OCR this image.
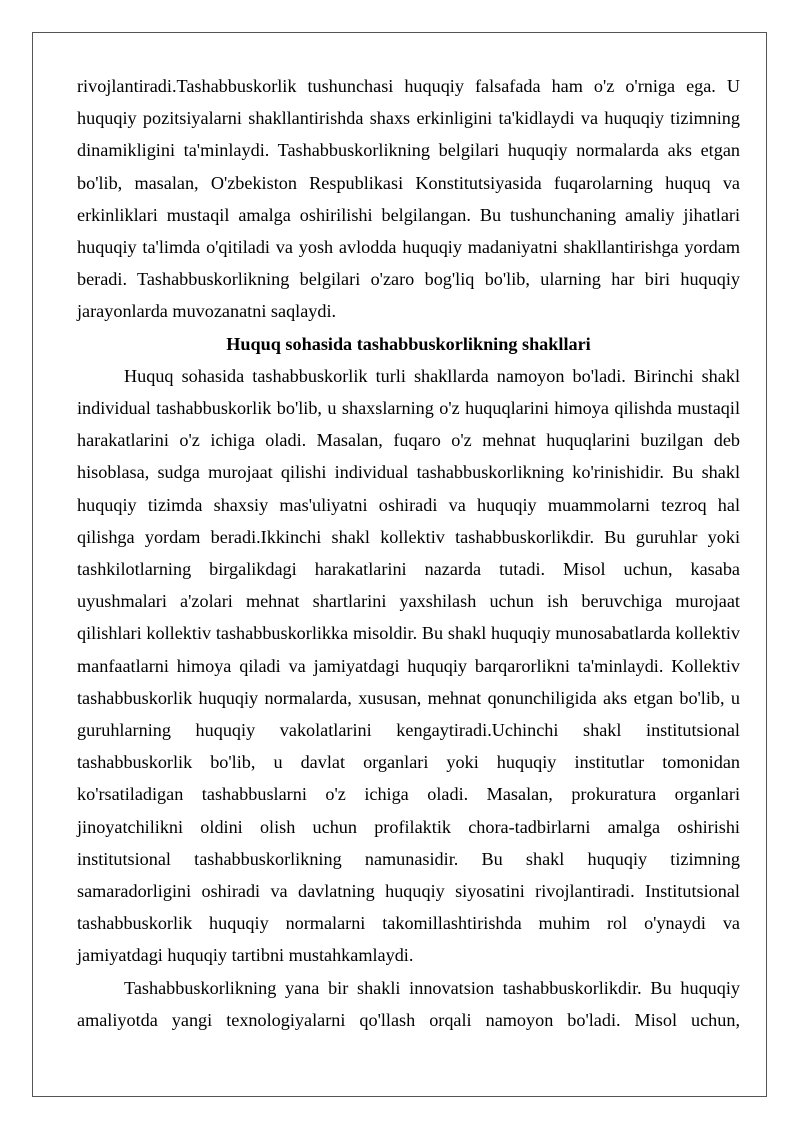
rivojlantiradi.Tashabbuskorlik tushunchasi huquqiy falsafada ham o'z o'rniga ega. U huquqiy pozitsiyalarni shakllantirishda shaxs erkinligini ta'kidlaydi va huquqiy tizimning dinamikligini ta'minlaydi. Tashabbuskorlikning belgilari huquqiy normalarda aks etgan bo'lib, masalan, O'zbekiston Respublikasi Konstitutsiyasida fuqarolarning huquq va erkinliklari mustaqil amalga oshirilishi belgilangan. Bu tushunchaning amaliy jihatlari huquqiy ta'limda o'qitiladi va yosh avlodda huquqiy madaniyatni shakllantirishga yordam beradi. Tashabbuskorlikning belgilari o'zaro bog'liq bo'lib, ularning har biri huquqiy jarayonlarda muvozanatni saqlaydi.

Huquq sohasida tashabbuskorlikning shakllari

Huquq sohasida tashabbuskorlik turli shakllarda namoyon bo'ladi. Birinchi shakl individual tashabbuskorlik bo'lib, u shaxslarning o'z huquqlarini himoya qilishda mustaqil harakatlarini o'z ichiga oladi. Masalan, fuqaro o'z mehnat huquqlarini buzilgan deb hisoblasa, sudga murojaat qilishi individual tashabbuskorlikning ko'rinishidir. Bu shakl huquqiy tizimda shaxsiy mas'uliyatni oshiradi va huquqiy muammolarni tezroq hal qilishga yordam beradi.Ikkinchi shakl kollektiv tashabbuskorlikdir. Bu guruhlar yoki tashkilotlarning birgalikdagi harakatlarini nazarda tutadi. Misol uchun, kasaba uyushmalari a'zolari mehnat shartlarini yaxshilash uchun ish beruvchiga murojaat qilishlari kollektiv tashabbuskorlikka misoldir. Bu shakl huquqiy munosabatlarda kollektiv manfaatlarni himoya qiladi va jamiyatdagi huquqiy barqarorlikni ta'minlaydi. Kollektiv tashabbuskorlik huquqiy normalarda, xususan, mehnat qonunchiligida aks etgan bo'lib, u guruhlarning huquqiy vakolatlarini kengaytiradi.Uchinchi shakl institutsional tashabbuskorlik bo'lib, u davlat organlari yoki huquqiy institutlar tomonidan ko'rsatiladigan tashabbuslarni o'z ichiga oladi. Masalan, prokuratura organlari jinoyatchilikni oldini olish uchun profilaktik chora-tadbirlarni amalga oshirishi institutsional tashabbuskorlikning namunasidir. Bu shakl huquqiy tizimning samaradorligini oshiradi va davlatning huquqiy siyosatini rivojlantiradi. Institutsional tashabbuskorlik huquqiy normalarni takomillashtirishda muhim rol o'ynaydi va jamiyatdagi huquqiy tartibni mustahkamlaydi.

Tashabbuskorlikning yana bir shakli innovatsion tashabbuskorlikdir. Bu huquqiy amaliyotda yangi texnologiyalarni qo'llash orqali namoyon bo'ladi. Misol uchun,
